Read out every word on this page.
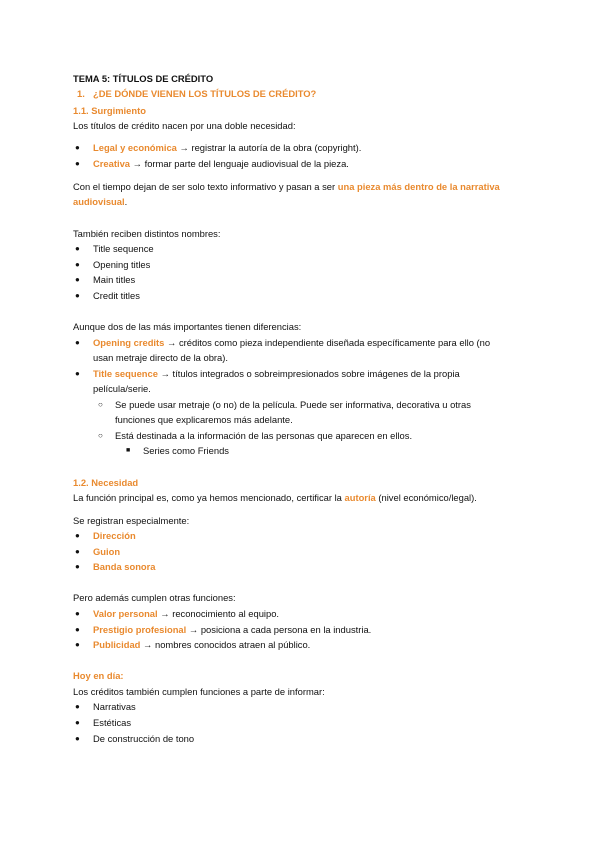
TEMA 5: TÍTULOS DE CRÉDITO
1. ¿DE DÓNDE VIENEN LOS TÍTULOS DE CRÉDITO?
1.1. Surgimiento
Los títulos de crédito nacen por una doble necesidad:
● Legal y económica → registrar la autoría de la obra (copyright).
● Creativa → formar parte del lenguaje audiovisual de la pieza.
Con el tiempo dejan de ser solo texto informativo y pasan a ser una pieza más dentro de la narrativa
audiovisual.
También reciben distintos nombres:
● Title sequence
● Opening titles
● Main titles
● Credit titles
Aunque dos de las más importantes tienen diferencias:
● Opening credits → créditos como pieza independiente diseñada específicamente para ello (no
usan metraje directo de la obra).
● Title sequence → títulos integrados o sobreimpresionados sobre imágenes de la propia
película/serie.
○ Se puede usar metraje (o no) de la película. Puede ser informativa, decorativa u otras
funciones que explicaremos más adelante.
○ Está destinada a la información de las personas que aparecen en ellos.
■ Series como Friends
1.2. Necesidad
La función principal es, como ya hemos mencionado, certificar la autoría (nivel económico/legal).
Se registran especialmente:
● Dirección
● Guion
● Banda sonora
Pero además cumplen otras funciones:
● Valor personal → reconocimiento al equipo.
● Prestigio profesional → posiciona a cada persona en la industria.
● Publicidad → nombres conocidos atraen al público.
Hoy en día:
Los créditos también cumplen funciones a parte de informar:
● Narrativas
● Estéticas
● De construcción de tono
